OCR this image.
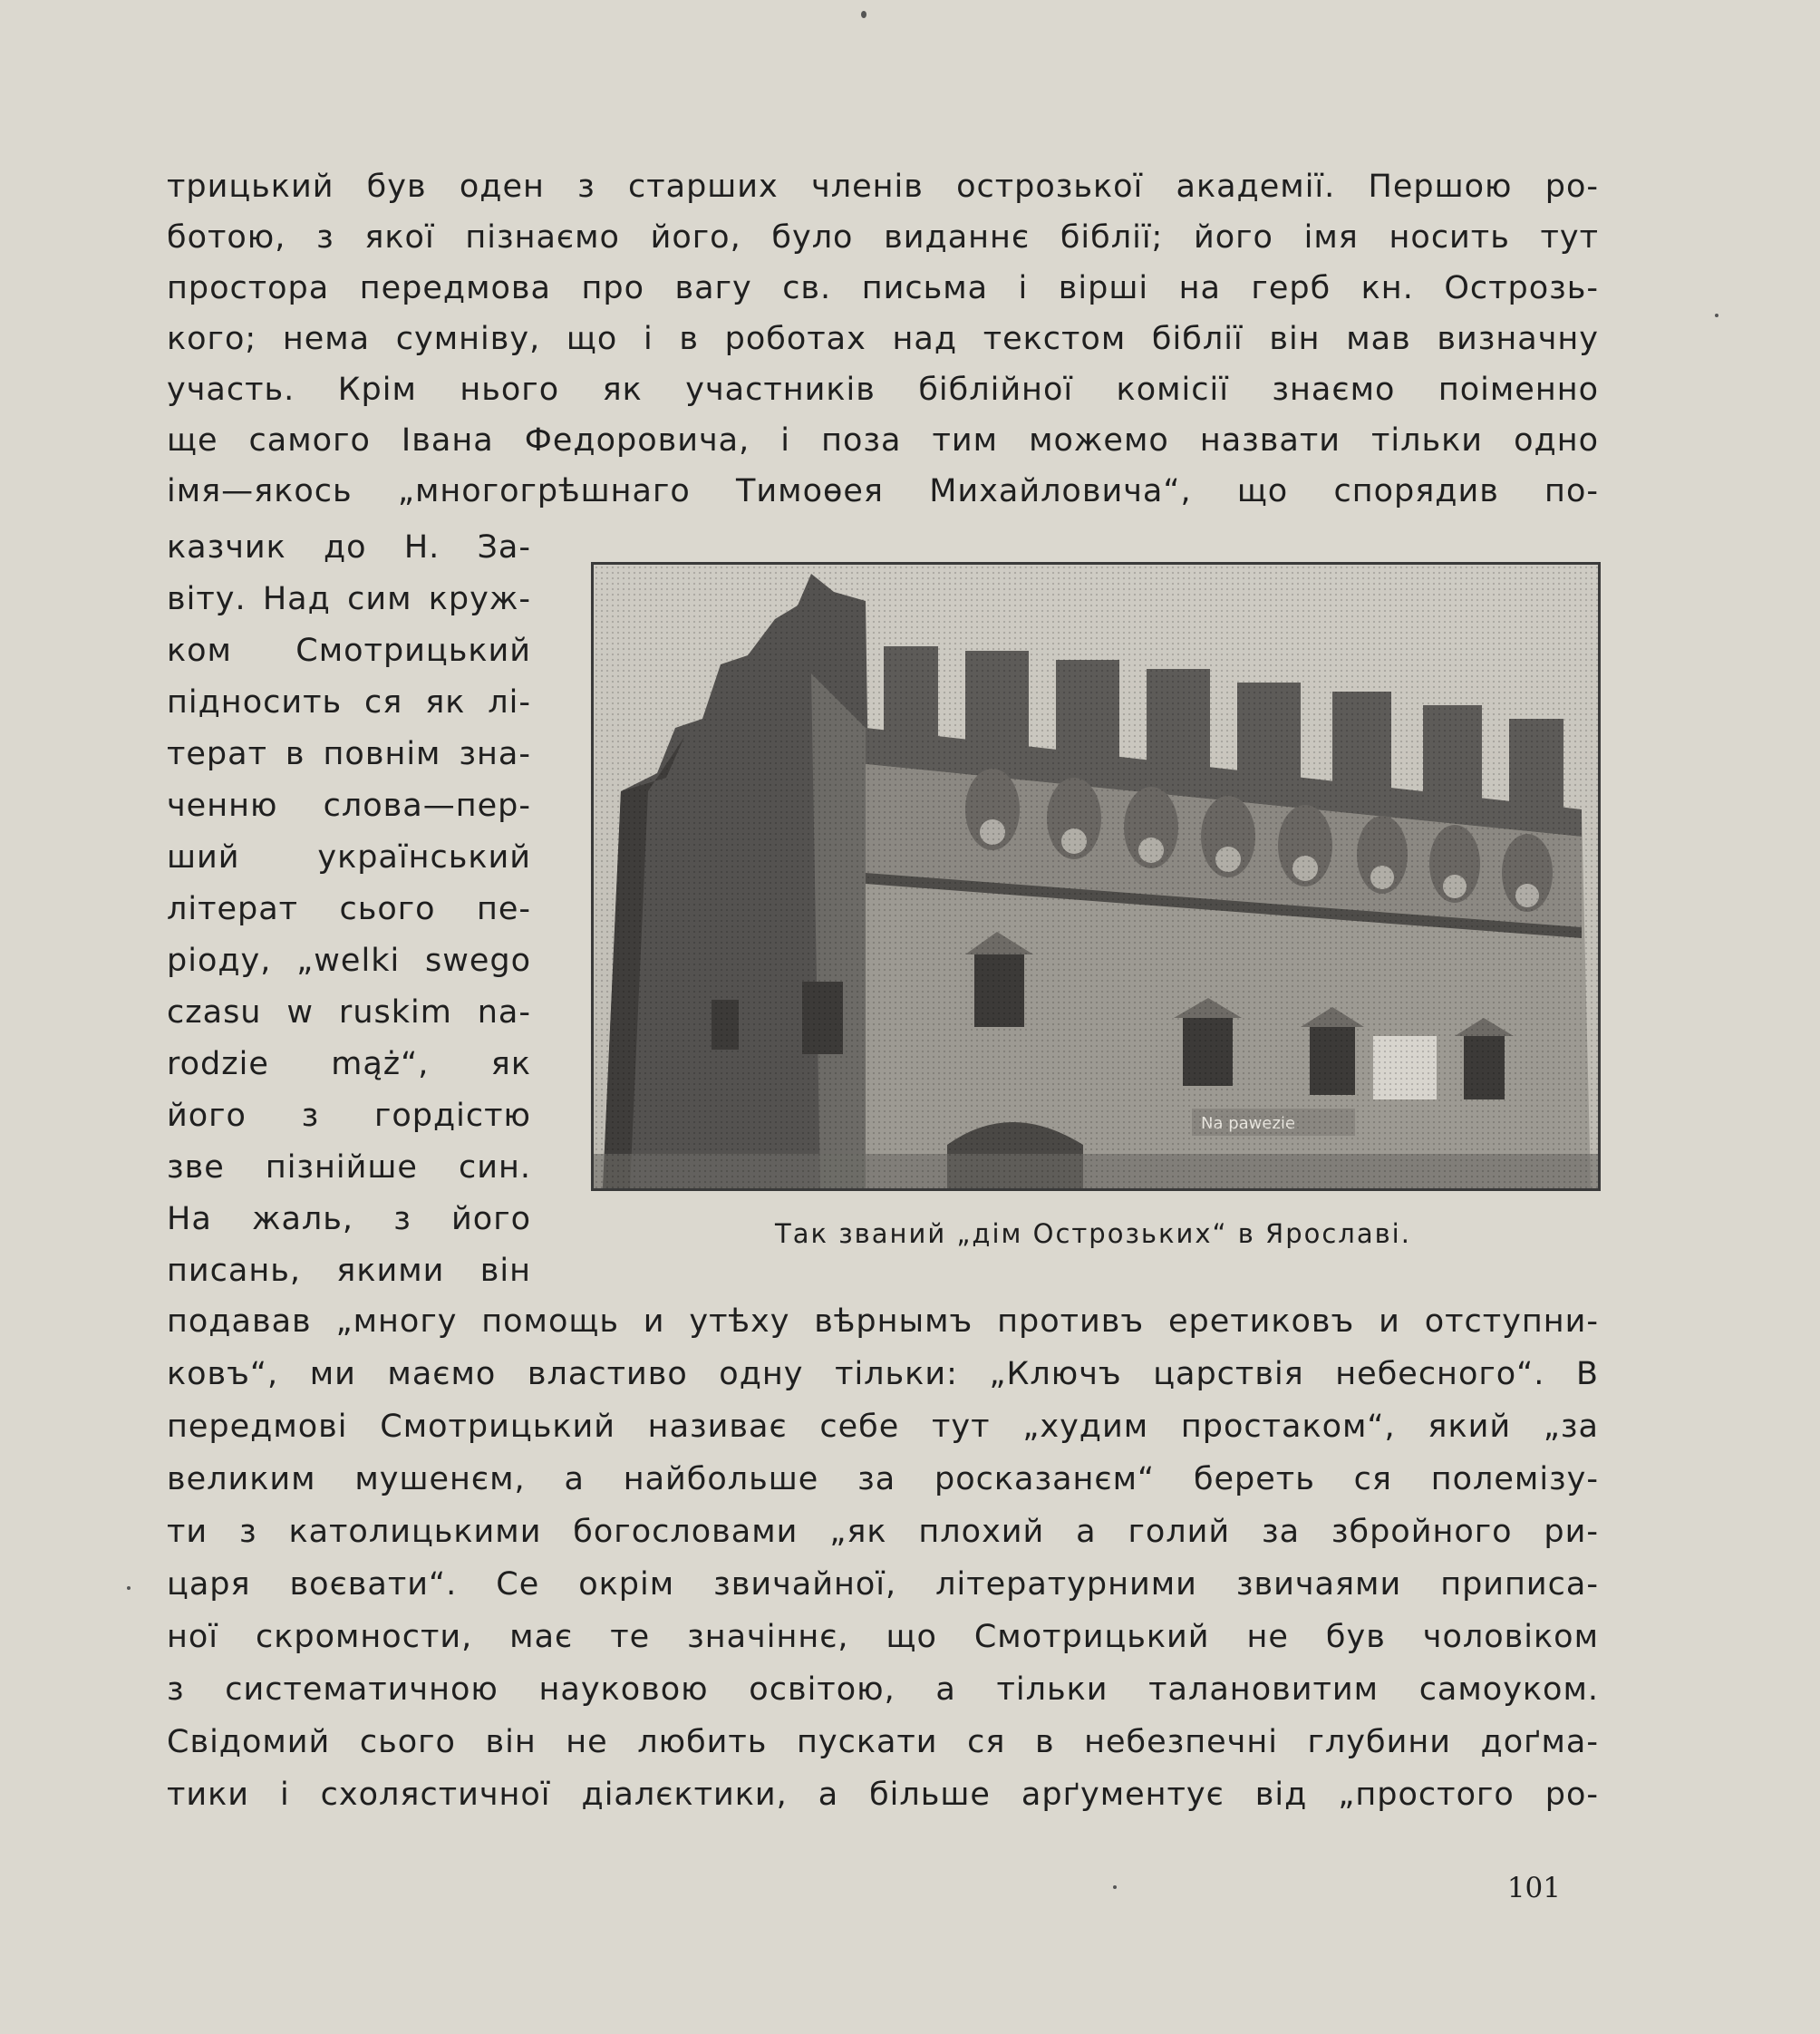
трицький був оден з старших членів острозької академії. Першою ро-
ботою, з якої пізнаємо його, було виданнє біблії; його імя носить тут
простора передмова про вагу св. письма і вірші на герб кн. Острозь-
кого; нема сумніву, що і в роботах над текстом біблії він мав визначну
участь. Крім нього як участників біблійної комісії знаємо поіменно
ще самого Івана Федоровича, і поза тим можемо назвати тільки одно
імя—якось „многогрѣшнаго Тимоѳея Михайловича“, що спорядив по-
казчик до Н. За-
віту. Над сим круж-
ком Смотрицький
підносить ся як лі-
терат в повнім зна-
ченню слова—пер-
ший український
літерат сього пе-
ріоду, „welki swego
czasu w ruskim na-
rodzie mąż“, як
його з гордістю
зве пізнійше син.
На жаль, з його
писань, якими він
Так званий „дім Острозьких“ в Ярославі.
подавав „многу помощь и утѣху вѣрнымъ противъ еретиковъ и отступни-
ковъ“, ми маємо властиво одну тільки: „Ключъ царствія небесного“. В
передмові Смотрицький називає себе тут „худим простаком“, який „за
великим мушенєм, а найбольше за росказанєм“ береть ся полемізу-
ти з католицькими богословами „як плохий а голий за збройного ри-
царя воєвати“. Се окрім звичайної, літературними звичаями приписа-
ної скромности, має те значіннє, що Смотрицький не був чоловіком
з систематичною науковою освітою, а тільки талановитим самоуком.
Свідомий сього він не любить пускати ся в небезпечні глубини доґма-
тики і схолястичної діалєктики, а більше арґументує від „простого ро-
101
